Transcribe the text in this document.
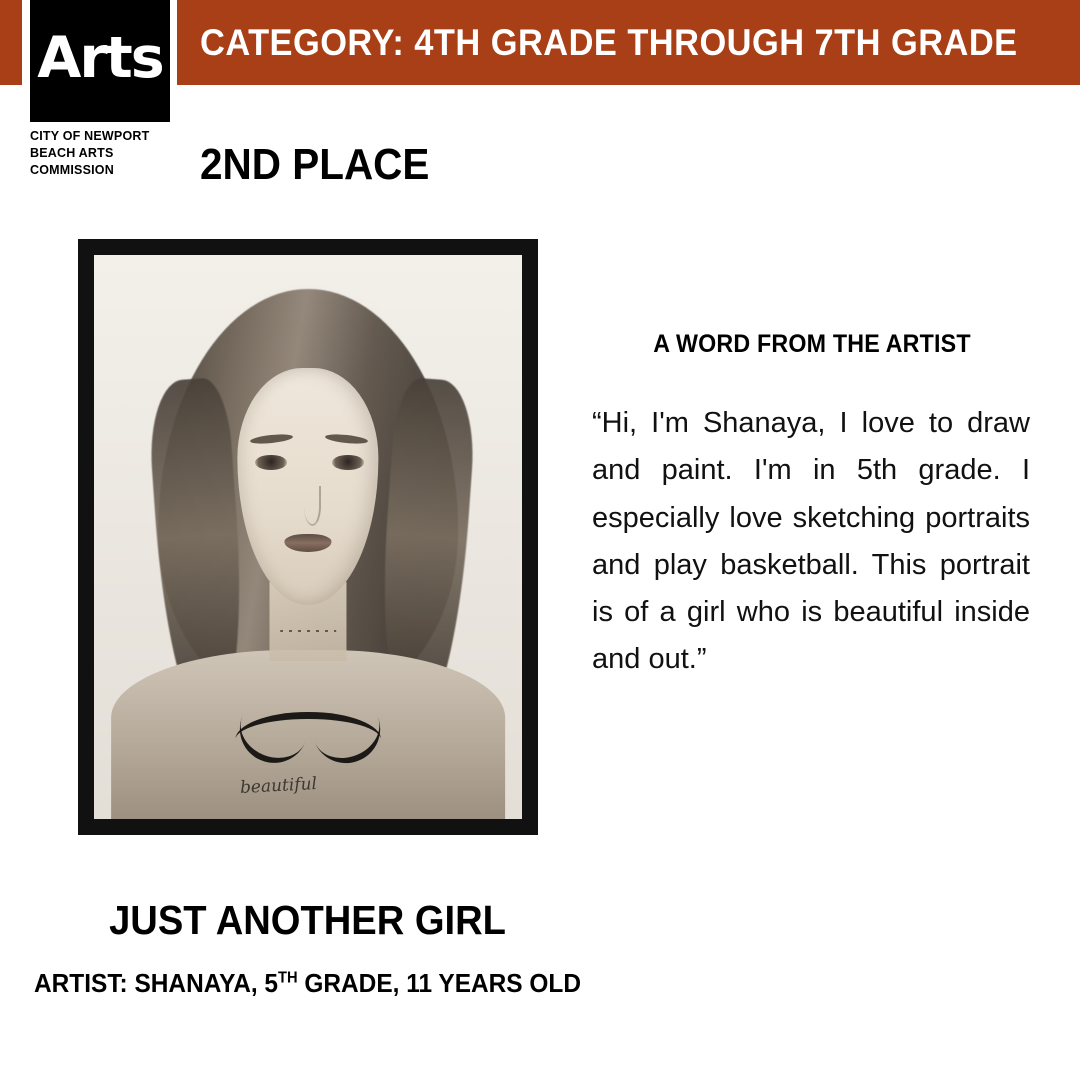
CATEGORY: 4TH GRADE THROUGH 7TH GRADE
Arts
CITY OF NEWPORT BEACH ARTS COMMISSION	2ND PLACE
beautiful
A WORD FROM THE ARTIST
“Hi, I'm Shanaya, I love to draw and paint. I'm in 5th grade. I especially love sketching portraits and play basketball. This portrait is of a girl who is beautiful inside and out.”
JUST ANOTHER GIRL
ARTIST: SHANAYA, 5TH GRADE, 11 YEARS OLD
